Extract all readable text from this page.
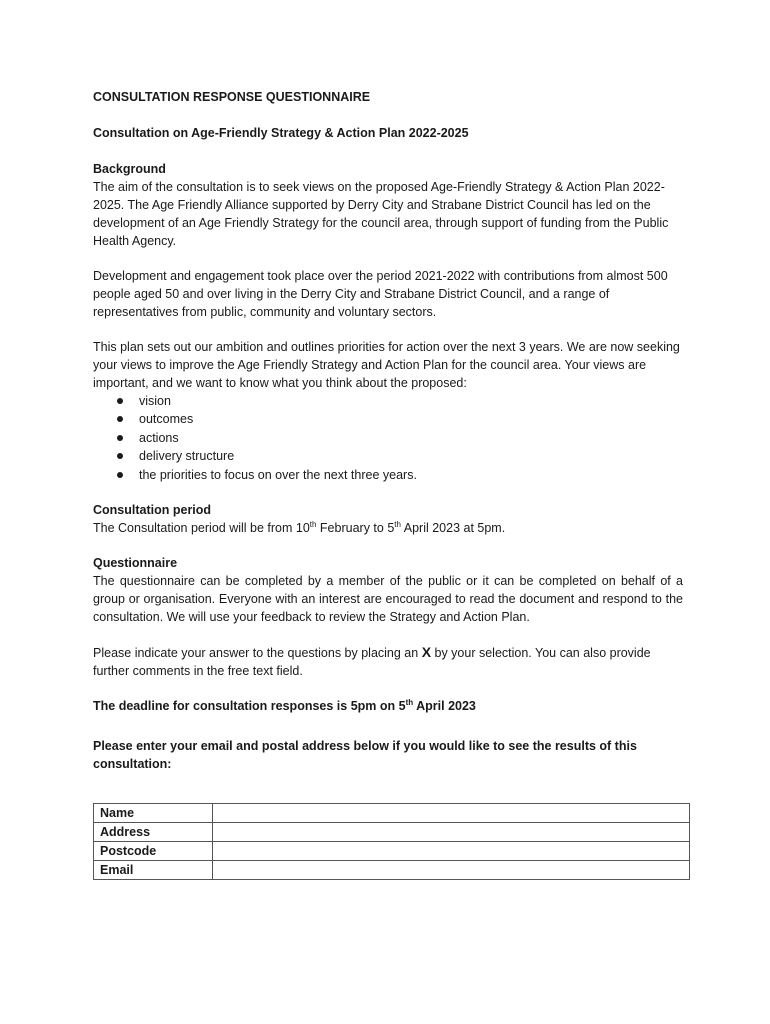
CONSULTATION RESPONSE QUESTIONNAIRE
Consultation on Age-Friendly Strategy & Action Plan 2022-2025
Background

The aim of the consultation is to seek views on the proposed Age-Friendly Strategy & Action Plan 2022-2025. The Age Friendly Alliance supported by Derry City and Strabane District Council has led on the development of an Age Friendly Strategy for the council area, through support of funding from the Public Health Agency.

Development and engagement took place over the period 2021-2022 with contributions from almost 500 people aged 50 and over living in the Derry City and Strabane District Council, and a range of representatives from public, community and voluntary sectors.

This plan sets out our ambition and outlines priorities for action over the next 3 years. We are now seeking your views to improve the Age Friendly Strategy and Action Plan for the council area. Your views are important, and we want to know what you think about the proposed:

vision
outcomes
actions
delivery structure
the priorities to focus on over the next three years.
Consultation period

The Consultation period will be from 10th February to 5th April 2023 at 5pm.

Questionnaire

The questionnaire can be completed by a member of the public or it can be completed on behalf of a group or organisation. Everyone with an interest are encouraged to read the document and respond to the consultation. We will use your feedback to review the Strategy and Action Plan.

Please indicate your answer to the questions by placing an X by your selection. You can also provide further comments in the free text field.

The deadline for consultation responses is 5pm on 5th April 2023
Please enter your email and postal address below if you would like to see the results of this consultation:
Name	
Address	
Postcode	
Email	
